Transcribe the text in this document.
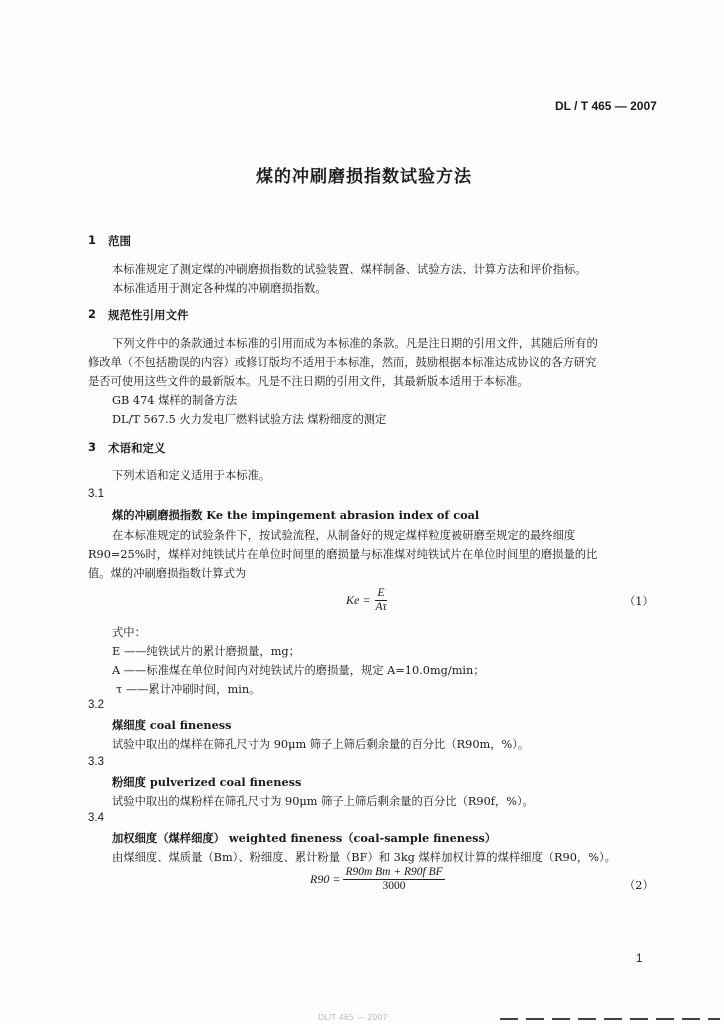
DL / T 465 — 2007
煤的冲刷磨损指数试验方法
1 范围
本标准规定了测定煤的冲刷磨损指数的试验装置、煤样制备、试验方法、计算方法和评价指标。
本标准适用于测定各种煤的冲刷磨损指数。
2 规范性引用文件
下列文件中的条款通过本标准的引用而成为本标准的条款。凡是注日期的引用文件，其随后所有的
修改单（不包括勘误的内容）或修订版均不适用于本标准，然而，鼓励根据本标准达成协议的各方研究
是否可使用这些文件的最新版本。凡是不注日期的引用文件，其最新版本适用于本标准。
GB 474 煤样的制备方法
DL/T 567.5 火力发电厂燃料试验方法 煤粉细度的测定
3 术语和定义
下列术语和定义适用于本标准。
3.1
煤的冲刷磨损指数 Ke the impingement abrasion index of coal
在本标准规定的试验条件下，按试验流程，从制备好的规定煤样粒度被研磨至规定的最终细度
R90=25%时，煤样对纯铁试片在单位时间里的磨损量与标准煤对纯铁试片在单位时间里的磨损量的比
值。煤的冲刷磨损指数计算式为
$Ke = \frac{E}{A\tau}$	（1）
式中：
E ——纯铁试片的累计磨损量，mg；
A ——标准煤在单位时间内对纯铁试片的磨损量，规定 A=10.0mg/min；
τ ——累计冲刷时间，min。
3.2
煤细度 coal fineness
试验中取出的煤样在筛孔尺寸为 90μm 筛子上筛后剩余量的百分比（R90m，%）。
3.3
粉细度 pulverized coal fineness
试验中取出的煤粉样在筛孔尺寸为 90μm 筛子上筛后剩余量的百分比（R90f，%）。
3.4
加权细度（煤样细度） weighted fineness（coal-sample fineness）
由煤细度、煤质量（Bm）、粉细度、累计粉量（BF）和 3kg 煤样加权计算的煤样细度（R90，%）。
$R90 = \frac{\text{R90m Bm + R90f BF}}{3000}$	（2）
1
DL/T 465 — 2007
